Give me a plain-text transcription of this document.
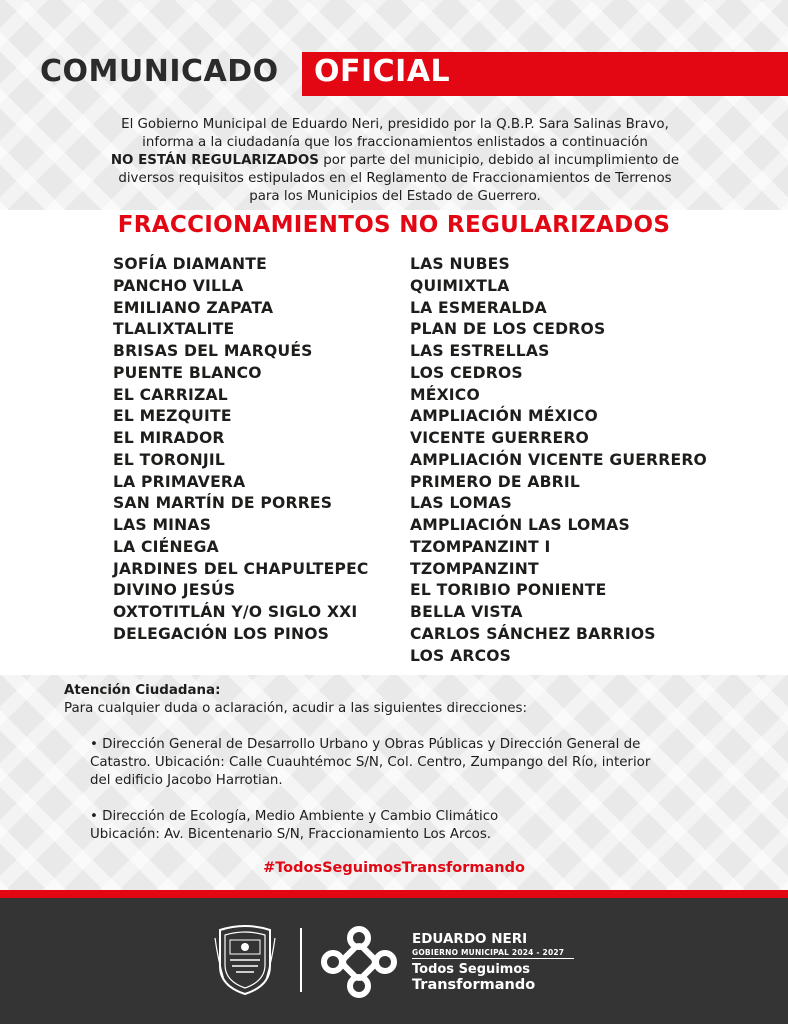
COMUNICADO OFICIAL
El Gobierno Municipal de Eduardo Neri, presidido por la Q.B.P. Sara Salinas Bravo,
informa a la ciudadanía que los fraccionamientos enlistados a continuación
NO ESTÁN REGULARIZADOS por parte del municipio, debido al incumplimiento de
diversos requisitos estipulados en el Reglamento de Fraccionamientos de Terrenos
para los Municipios del Estado de Guerrero.
FRACCIONAMIENTOS NO REGULARIZADOS
SOFÍA DIAMANTE
PANCHO VILLA
EMILIANO ZAPATA
TLALIXTALITE
BRISAS DEL MARQUÉS
PUENTE BLANCO
EL CARRIZAL
EL MEZQUITE
EL MIRADOR
EL TORONJIL
LA PRIMAVERA
SAN MARTÍN DE PORRES
LAS MINAS
LA CIÉNEGA
JARDINES DEL CHAPULTEPEC
DIVINO JESÚS
OXTOTITLÁN Y/O SIGLO XXI
DELEGACIÓN LOS PINOS
LAS NUBES
QUIMIXTLA
LA ESMERALDA
PLAN DE LOS CEDROS
LAS ESTRELLAS
LOS CEDROS
MÉXICO
AMPLIACIÓN MÉXICO
VICENTE GUERRERO
AMPLIACIÓN VICENTE GUERRERO
PRIMERO DE ABRIL
LAS LOMAS
AMPLIACIÓN LAS LOMAS
TZOMPANZINT I
TZOMPANZINT
EL TORIBIO PONIENTE
BELLA VISTA
CARLOS SÁNCHEZ BARRIOS
LOS ARCOS
Atención Ciudadana:
Para cualquier duda o aclaración, acudir a las siguientes direcciones:
• Dirección General de Desarrollo Urbano y Obras Públicas y Dirección General de
Catastro. Ubicación: Calle Cuauhtémoc S/N, Col. Centro, Zumpango del Río, interior
del edificio Jacobo Harrotian.
• Dirección de Ecología, Medio Ambiente y Cambio Climático
Ubicación: Av. Bicentenario S/N, Fraccionamiento Los Arcos.
#TodosSeguimosTransformando
EDUARDO NERI
GOBIERNO MUNICIPAL 2024 - 2027
Todos Seguimos
Transformando
